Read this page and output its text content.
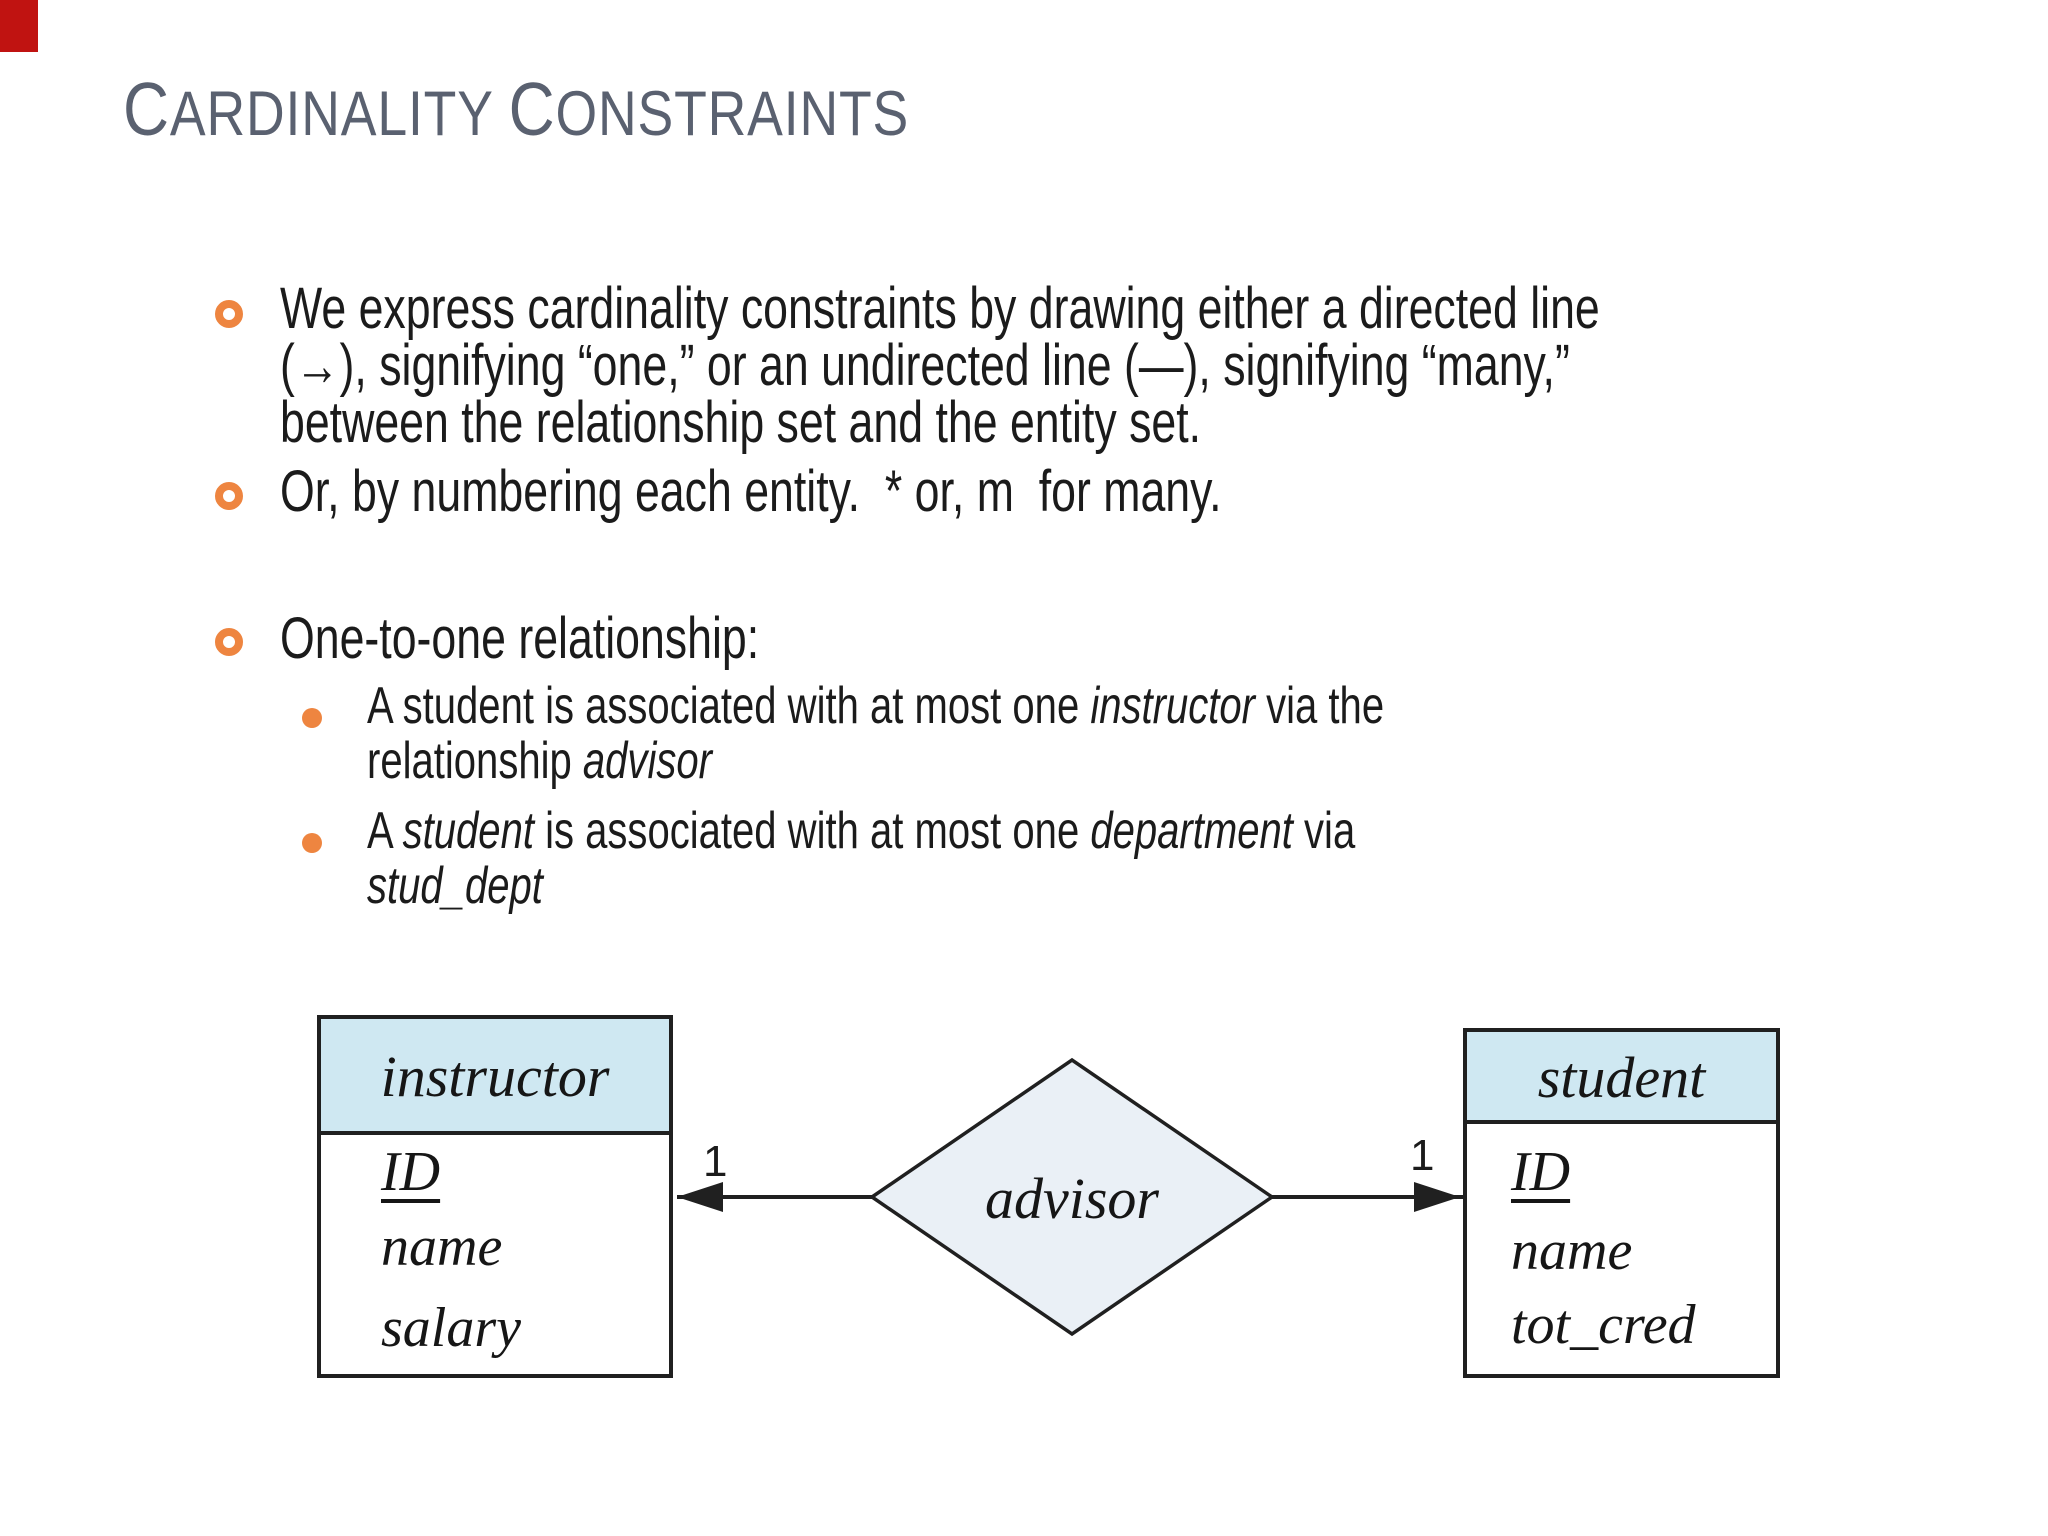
CARDINALITY CONSTRAINTS
We express cardinality constraints by drawing either a directed line
(→), signifying “one,” or an undirected line (—), signifying “many,”
between the relationship set and the entity set.
Or, by numbering each entity.  * or, m  for many.
One-to-one relationship:
A student is associated with at most one instructor via the
relationship advisor
A student is associated with at most one department via
stud_dept
instructor
ID
name
salary
student
ID
name
tot_cred
advisor
1	1
